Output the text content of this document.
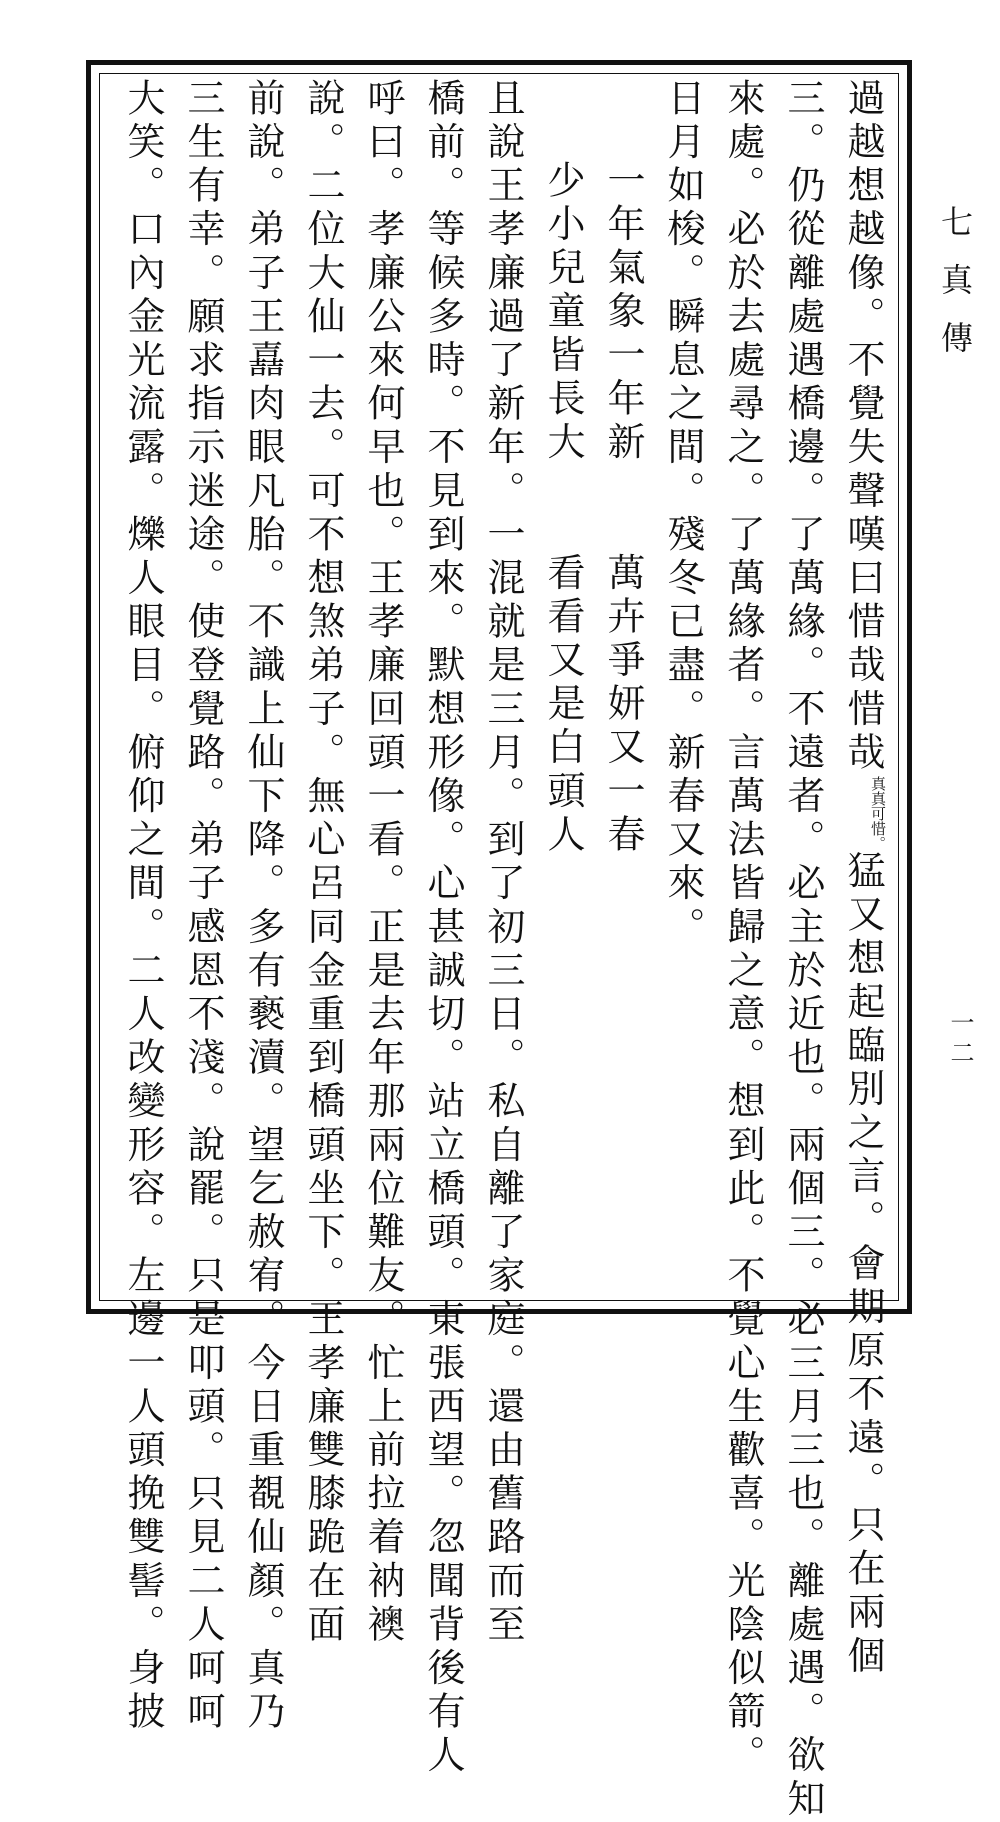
七真傳
一二
過越想越像。不覺失聲嘆曰惜哉惜哉真真可惜。猛又想起臨別之言。會期原不遠。只在兩個
三。仍從離處遇橋邊。了萬緣。不遠者。必主於近也。兩個三。必三月三也。離處遇。欲知
來處。必於去處尋之。了萬緣者。言萬法皆歸之意。想到此。不覺心生歡喜。光陰似箭。
日月如梭。瞬息之間。殘冬已盡。新春又來。
一年氣象一年新　　萬卉爭妍又一春
少小兒童皆長大　　看看又是白頭人
且說王孝廉過了新年。一混就是三月。到了初三日。私自離了家庭。還由舊路而至
橋前。等候多時。不見到來。默想形像。心甚誠切。站立橋頭。東張西望。忽聞背後有人
呼曰。孝廉公來何早也。王孝廉回頭一看。正是去年那兩位難友。忙上前拉着衲襖
說。二位大仙一去。可不想煞弟子。無心呂同金重到橋頭坐下。王孝廉雙膝跪在面
前說。弟子王嚞肉眼凡胎。不識上仙下降。多有褻瀆。望乞赦宥。今日重覩仙顏。真乃
三生有幸。願求指示迷途。使登覺路。弟子感恩不淺。說罷。只是叩頭。只見二人呵呵
大笑。口內金光流露。爍人眼目。俯仰之間。二人改變形容。左邊一人頭挽雙髻。身披
